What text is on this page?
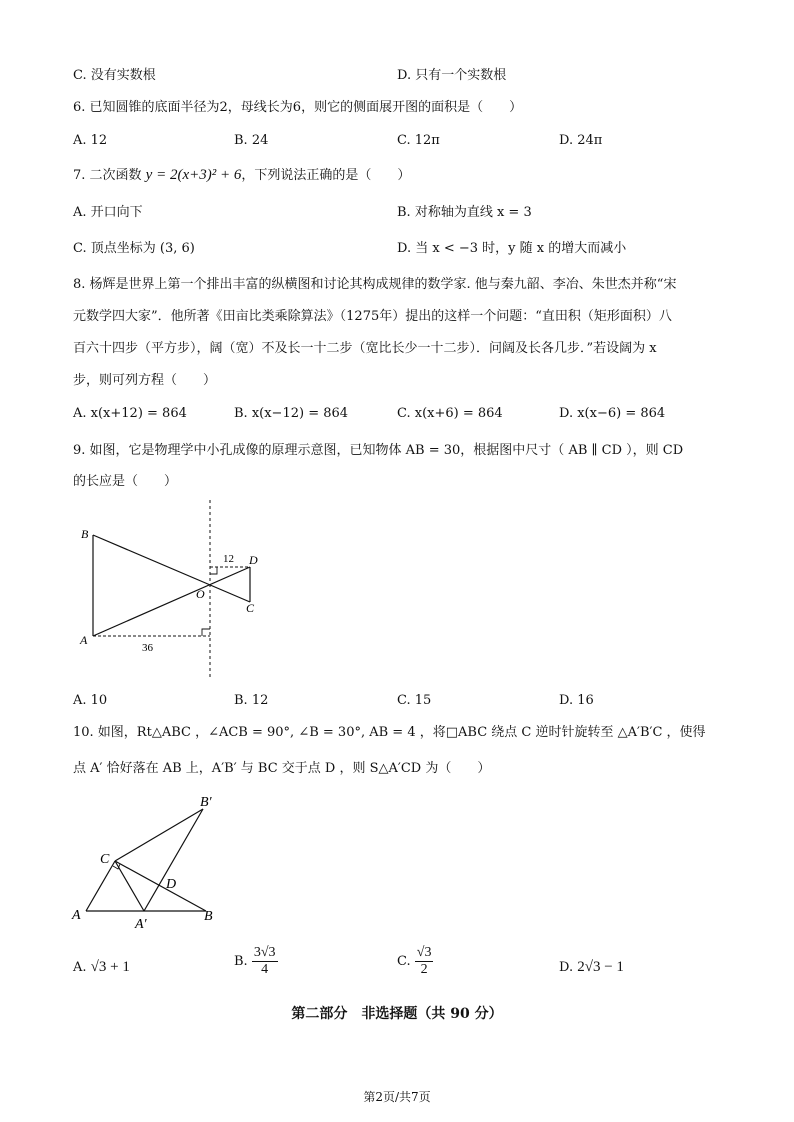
C. 没有实数根	D. 只有一个实数根
6. 已知圆锥的底面半径为2，母线长为6，则它的侧面展开图的面积是（　　）
A. 12	B. 24	C. 12π	D. 24π
7. 二次函数 y = 2(x+3)² + 6，下列说法正确的是（　　）
A. 开口向下	B. 对称轴为直线 x = 3
C. 顶点坐标为 (3, 6)	D. 当 x < −3 时，y 随 x 的增大而减小
8. 杨辉是世界上第一个排出丰富的纵横图和讨论其构成规律的数学家. 他与秦九韶、李冶、朱世杰并称“宋
元数学四大家”．他所著《田亩比类乘除算法》（1275年）提出的这样一个问题：“直田积（矩形面积）八
百六十四步（平方步），阔（宽）不及长一十二步（宽比长少一十二步）．问阔及长各几步．”若设阔为 x
步，则可列方程（　　）
A. x(x+12) = 864	B. x(x−12) = 864	C. x(x+6) = 864	D. x(x−6) = 864
9. 如图，它是物理学中小孔成像的原理示意图，已知物体 AB = 30，根据图中尺寸（ AB ∥ CD ），则 CD
的长应是（　　）
B
A
O
D
C
36
12
A. 10	B. 12	C. 15	D. 16
10. 如图，Rt△ABC ，∠ACB = 90°, ∠B = 30°, AB = 4 ，将□ABC 绕点 C 逆时针旋转至 △A′B′C ，使得
点 A′ 恰好落在 AB 上，A′B′ 与 BC 交于点 D ，则 S△A′CD 为（　　）
B′
C
D
A
A′
B
A. √3 + 1	B. $\frac{3√3}{4}$	C. $\frac{√3}{2}$	D. 2√3 − 1
第二部分　非选择题（共 90 分）
第2页/共7页
